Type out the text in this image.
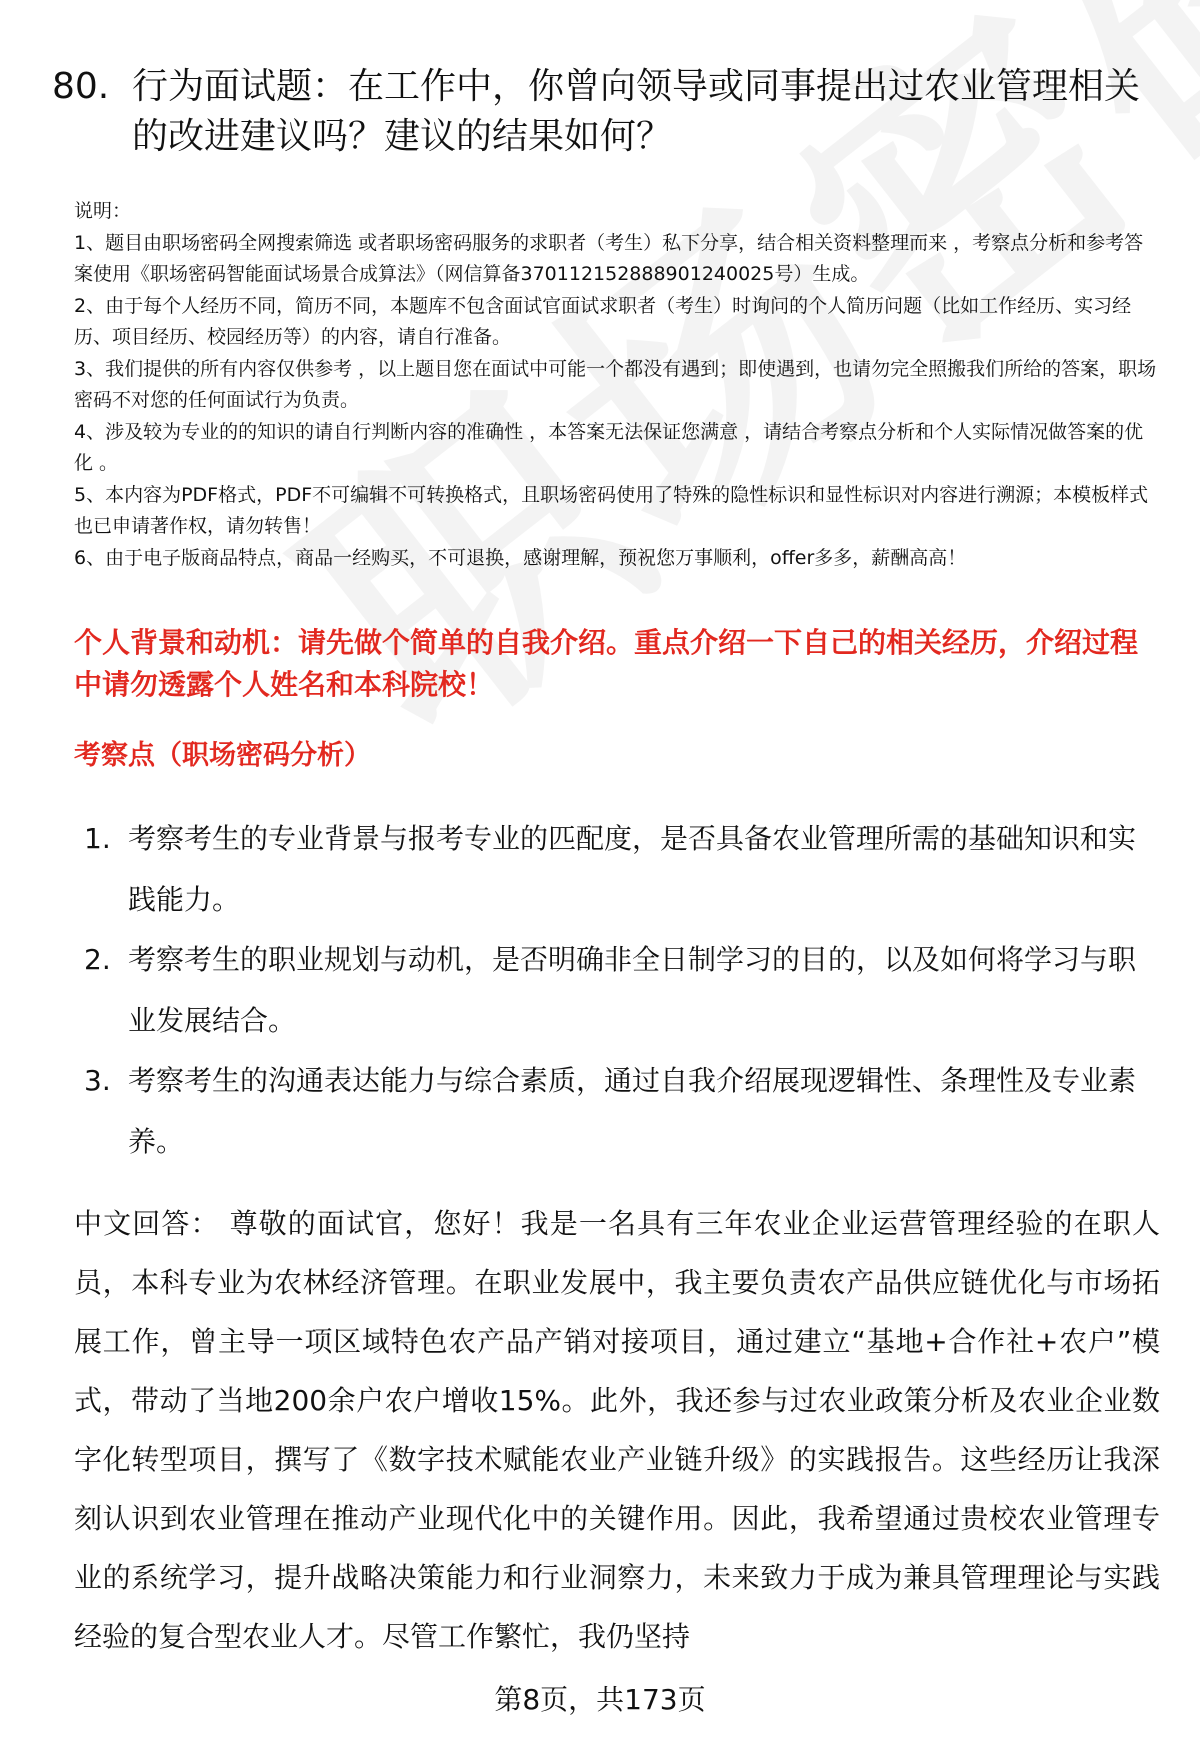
80. 行为面试题：在工作中，你曾向领导或同事提出过农业管理相关的改进建议吗？建议的结果如何？

说明：

1、题目由职场密码全网搜索筛选 或者职场密码服务的求职者（考生）私下分享，结合相关资料整理而来 ，考察点分析和参考答案使用《职场密码智能面试场景合成算法》（网信算备370112152888901240025号）生成。

2、由于每个人经历不同，简历不同，本题库不包含面试官面试求职者（考生）时询问的个人简历问题（比如工作经历、实习经历、项目经历、校园经历等）的内容，请自行准备。

3、我们提供的所有内容仅供参考 ，以上题目您在面试中可能一个都没有遇到；即使遇到，也请勿完全照搬我们所给的答案，职场密码不对您的任何面试行为负责。

4、涉及较为专业的的知识的请自行判断内容的准确性 ，本答案无法保证您满意 ，请结合考察点分析和个人实际情况做答案的优化 。

5、本内容为PDF格式，PDF不可编辑不可转换格式，且职场密码使用了特殊的隐性标识和显性标识对内容进行溯源；本模板样式也已申请著作权，请勿转售！

6、由于电子版商品特点，商品一经购买，不可退换，感谢理解，预祝您万事顺利，offer多多，薪酬高高！

个人背景和动机：请先做个简单的自我介绍。重点介绍一下自己的相关经历，介绍过程中请勿透露个人姓名和本科院校！

考察点（职场密码分析）
1. 考察考生的专业背景与报考专业的匹配度，是否具备农业管理所需的基础知识和实践能力。
2. 考察考生的职业规划与动机，是否明确非全日制学习的目的，以及如何将学习与职业发展结合。
3. 考察考生的沟通表达能力与综合素质，通过自我介绍展现逻辑性、条理性及专业素养。

中文回答： 尊敬的面试官，您好！我是一名具有三年农业企业运营管理经验的在职人员，本科专业为农林经济管理。在职业发展中，我主要负责农产品供应链优化与市场拓展工作，曾主导一项区域特色农产品产销对接项目，通过建立“基地+合作社+农户”模式，带动了当地200余户农户增收15%。此外，我还参与过农业政策分析及农业企业数字化转型项目，撰写了《数字技术赋能农业产业链升级》的实践报告。这些经历让我深刻认识到农业管理在推动产业现代化中的关键作用。因此，我希望通过贵校农业管理专业的系统学习，提升战略决策能力和行业洞察力，未来致力于成为兼具管理理论与实践经验的复合型农业人才。尽管工作繁忙，我仍坚持

第8页，共173页
